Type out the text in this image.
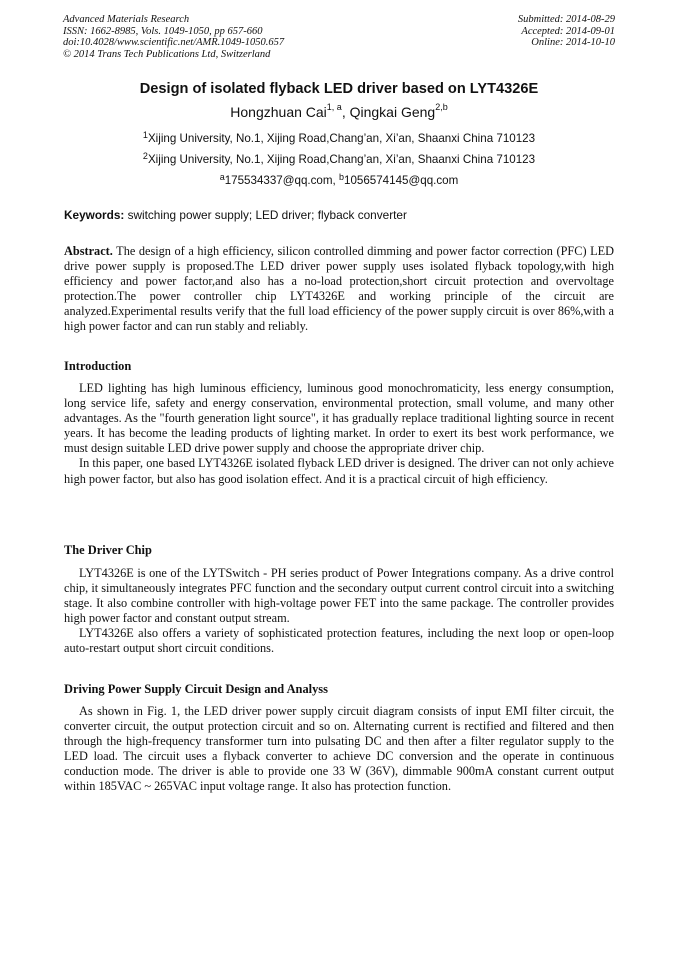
Advanced Materials Research
ISSN: 1662-8985, Vols. 1049-1050, pp 657-660
doi:10.4028/www.scientific.net/AMR.1049-1050.657
© 2014 Trans Tech Publications Ltd, Switzerland
Submitted: 2014-08-29
Accepted: 2014-09-01
Online: 2014-10-10
Design of isolated flyback LED driver based on LYT4326E
Hongzhuan Cai$^{1, a}$, Qingkai Geng$^{2,b}$
$^1$Xijing University, No.1, Xijing Road,Chang’an, Xi’an, Shaanxi China 710123
$^2$Xijing University, No.1, Xijing Road,Chang’an, Xi’an, Shaanxi China 710123
$^a$175534337@qq.com, $^b$1056574145@qq.com
Keywords: switching power supply; LED driver; flyback converter

Abstract. The design of a high efficiency, silicon controlled dimming and power factor correction (PFC) LED drive power supply is proposed.The LED driver power supply uses isolated flyback topology,with high efficiency and power factor,and also has a no-load protection,short circuit protection and overvoltage protection.The power controller chip LYT4326E and working principle of the circuit are analyzed.Experimental results verify that the full load efficiency of the power supply circuit is over 86%,with a high power factor and can run stably and reliably.

Introduction

LED lighting has high luminous efficiency, luminous good monochromaticity, less energy consumption, long service life, safety and energy conservation, environmental protection, small volume, and many other advantages. As the "fourth generation light source", it has gradually replace traditional lighting source in recent years. It has become the leading products of lighting market. In order to exert its best work performance, we must design suitable LED drive power supply and choose the appropriate driver chip.

In this paper, one based LYT4326E isolated flyback LED driver is designed. The driver can not only achieve high power factor, but also has good isolation effect. And it is a practical circuit of high efficiency.

The Driver Chip

LYT4326E is one of the LYTSwitch - PH series product of Power Integrations company. As a drive control chip, it simultaneously integrates PFC function and the secondary output current control circuit into a switching stage. It also combine controller with high-voltage power FET into the same package. The controller provides high power factor and constant output stream.

LYT4326E also offers a variety of sophisticated protection features, including the next loop or open-loop auto-restart output short circuit conditions.

Driving Power Supply Circuit Design and Analyss

As shown in Fig. 1, the LED driver power supply circuit diagram consists of input EMI filter circuit, the converter circuit, the output protection circuit and so on. Alternating current is rectified and filtered and then through the high-frequency transformer turn into pulsating DC and then after a filter regulator supply to the LED load. The circuit uses a flyback converter to achieve DC conversion and the operate in continuous conduction mode. The driver is able to provide one 33 W (36V), dimmable 900mA constant current output within 185VAC ~ 265VAC input voltage range. It also has protection function.
